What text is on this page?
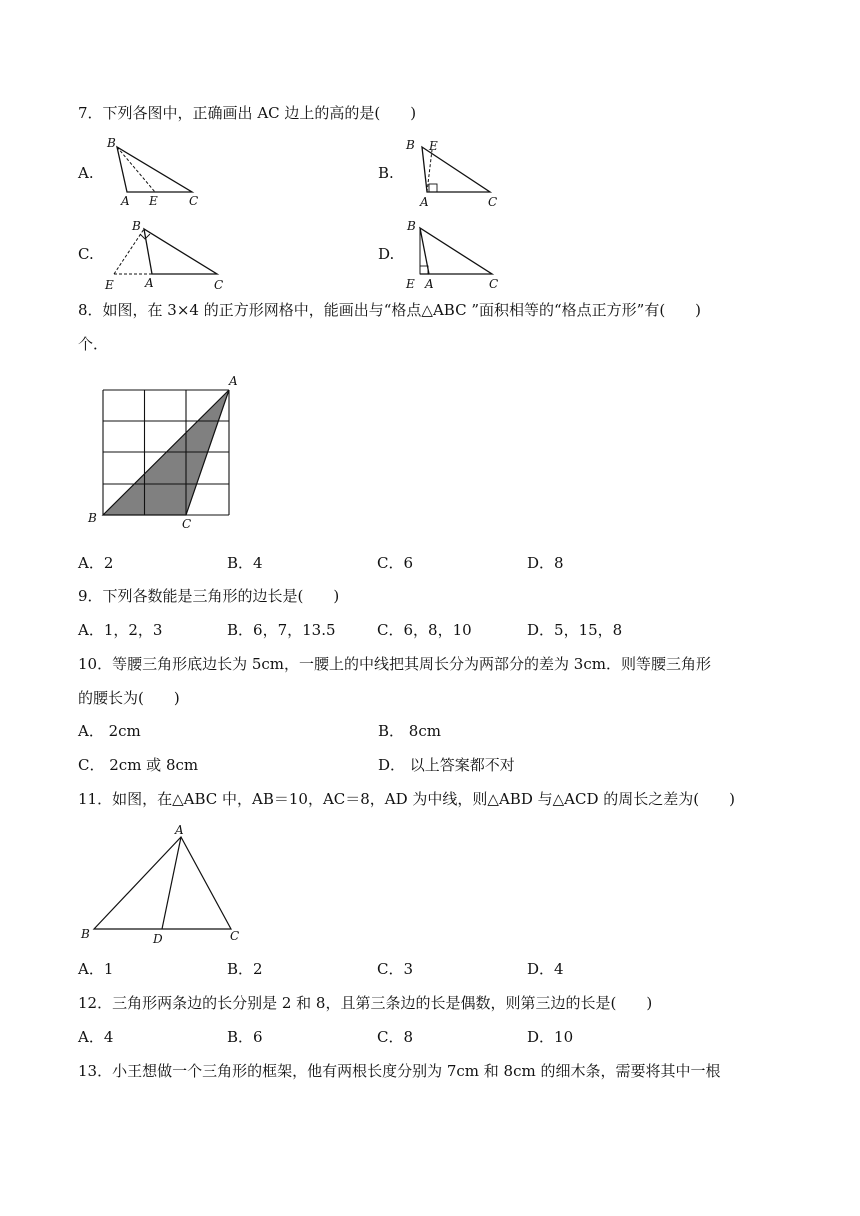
7．下列各图中，正确画出 AC 边上的高的是(　　)
A.
B
A E	C
B.
B E
A	C
C.
B
E	A	C
D.
B
E A	C
8．如图，在 3×4 的正方形网格中，能画出与“格点△ABC ”面积相等的“格点正方形”有(　　)
个．
A
B	C
A．2	B．4	C．6	D．8
9．下列各数能是三角形的边长是(　　)
A．1，2，3	B．6，7，13.5	C．6，8，10	D．5，15，8
10．等腰三角形底边长为 5cm，一腰上的中线把其周长分为两部分的差为 3cm．则等腰三角形
的腰长为(　　)
A． 2cm	B． 8cm
C． 2cm 或 8cm	D． 以上答案都不对
11．如图，在△ABC 中，AB＝10，AC＝8，AD 为中线，则△ABD 与△ACD 的周长之差为(　　)
A
B	D	C
A．1	B．2	C．3	D．4
12．三角形两条边的长分别是 2 和 8，且第三条边的长是偶数，则第三边的长是(　　)
A．4	B．6	C．8	D．10
13．小王想做一个三角形的框架，他有两根长度分别为 7cm 和 8cm 的细木条，需要将其中一根
